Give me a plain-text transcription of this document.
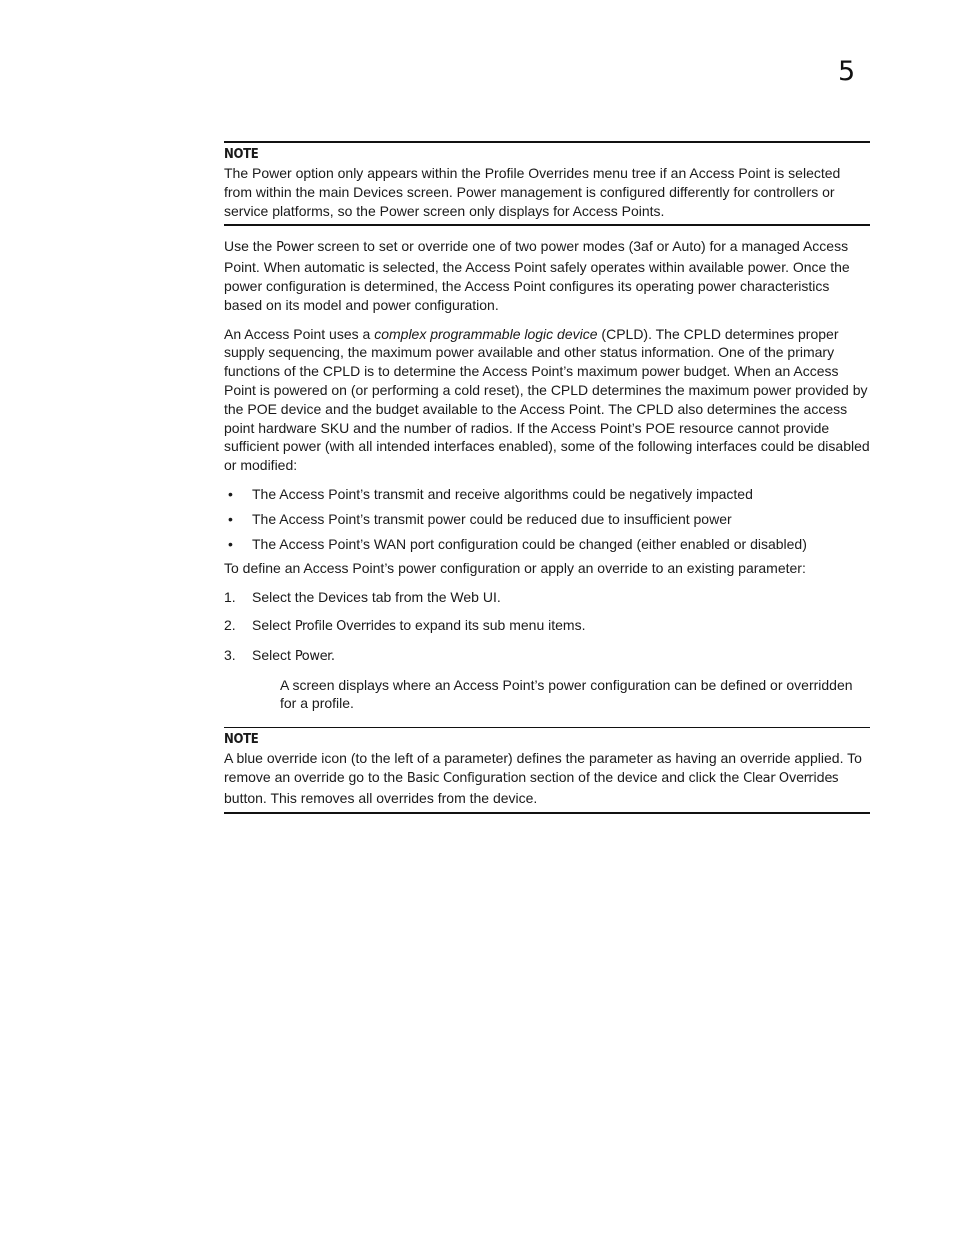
5
NOTE

The Power option only appears within the Profile Overrides menu tree if an Access Point is selected from within the main Devices screen. Power management is configured differently for controllers or service platforms, so the Power screen only displays for Access Points.

Use the Power screen to set or override one of two power modes (3af or Auto) for a managed Access Point. When automatic is selected, the Access Point safely operates within available power. Once the power configuration is determined, the Access Point configures its operating power characteristics based on its model and power configuration.

An Access Point uses a complex programmable logic device (CPLD). The CPLD determines proper supply sequencing, the maximum power available and other status information. One of the primary functions of the CPLD is to determine the Access Point’s maximum power budget. When an Access Point is powered on (or performing a cold reset), the CPLD determines the maximum power provided by the POE device and the budget available to the Access Point. The CPLD also determines the access point hardware SKU and the number of radios. If the Access Point’s POE resource cannot provide sufficient power (with all intended interfaces enabled), some of the following interfaces could be disabled or modified:

• The Access Point’s transmit and receive algorithms could be negatively impacted
• The Access Point’s transmit power could be reduced due to insufficient power
• The Access Point’s WAN port configuration could be changed (either enabled or disabled)

To define an Access Point’s power configuration or apply an override to an existing parameter:

1. Select the Devices tab from the Web UI.
2. Select Profile Overrides to expand its sub menu items.
3. Select Power.

A screen displays where an Access Point’s power configuration can be defined or overridden for a profile.

NOTE

A blue override icon (to the left of a parameter) defines the parameter as having an override applied. To remove an override go to the Basic Configuration section of the device and click the Clear Overrides button. This removes all overrides from the device.
